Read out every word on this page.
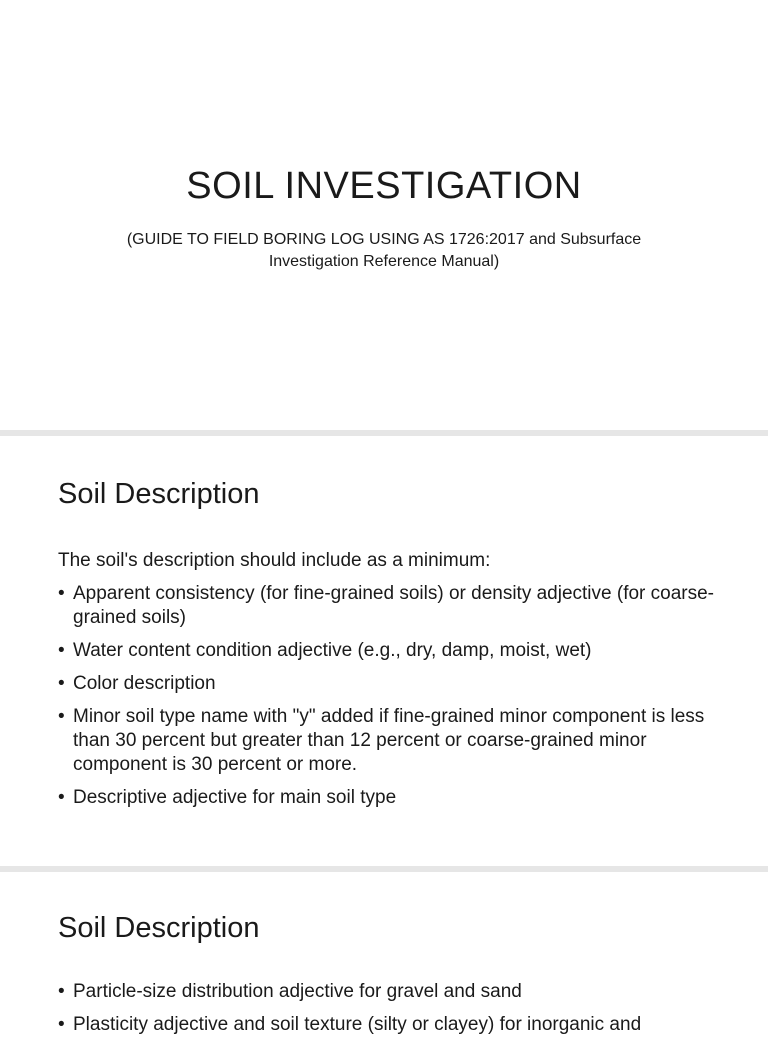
SOIL INVESTIGATION

(GUIDE TO FIELD BORING LOG USING AS 1726:2017 and Subsurface Investigation Reference Manual)

Soil Description

The soil's description should include as a minimum:

• Apparent consistency (for fine-grained soils) or density adjective (for coarse-grained soils)
• Water content condition adjective (e.g., dry, damp, moist, wet)
• Color description
• Minor soil type name with "y" added if fine-grained minor component is less than 30 percent but greater than 12 percent or coarse-grained minor component is 30 percent or more.
• Descriptive adjective for main soil type
Soil Description
• Particle-size distribution adjective for gravel and sand
• Plasticity adjective and soil texture (silty or clayey) for inorganic and
